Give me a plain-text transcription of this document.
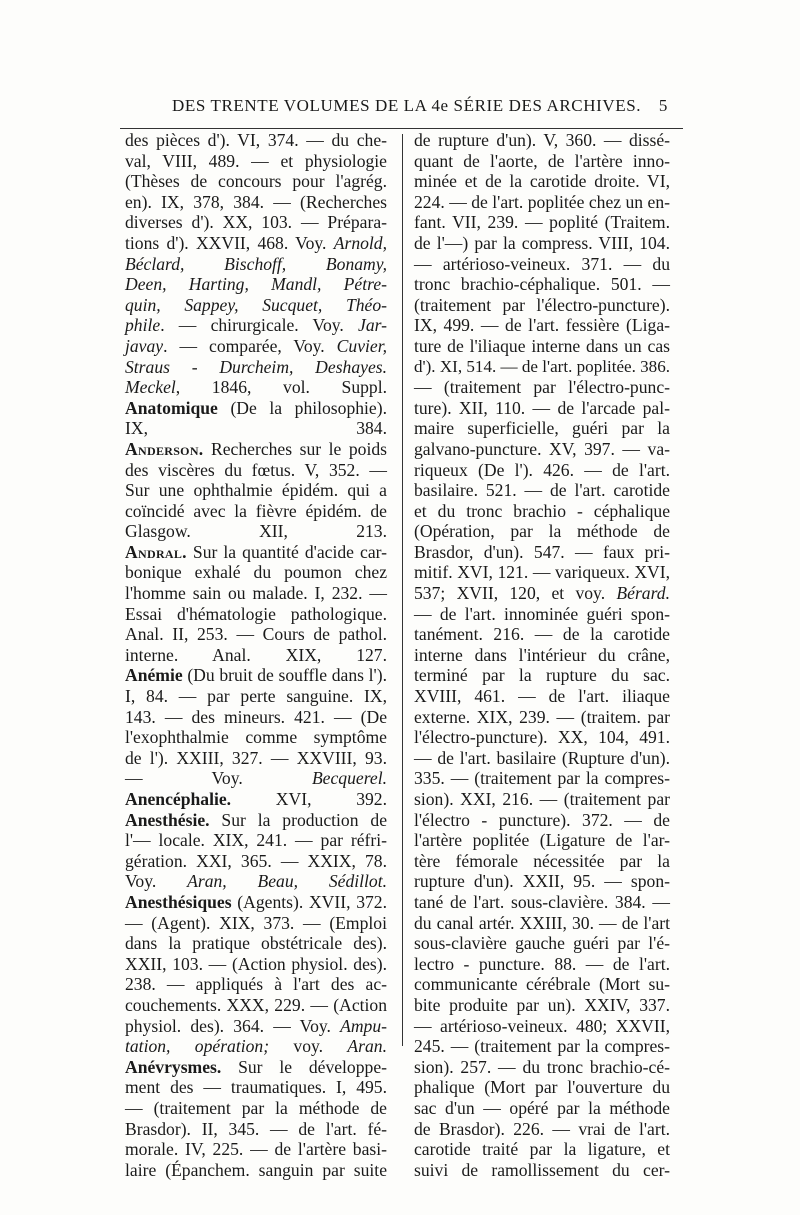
DES TRENTE VOLUMES DE LA 4e SÉRIE DES ARCHIVES. 5
des pièces d'). VI, 374. — du che-
val, VIII, 489. — et physiologie
(Thèses de concours pour l'agrég.
en). IX, 378, 384. — (Recherches
diverses d'). XX, 103. — Prépara-
tions d'). XXVII, 468. Voy. Arnold,
Béclard, Bischoff, Bonamy,
Deen, Harting, Mandl, Pétre-
quin, Sappey, Sucquet, Théo-
phile. — chirurgicale. Voy. Jar-
javay. — comparée, Voy. Cuvier,
Straus - Durcheim, Deshayes.
Meckel, 1846, vol. Suppl.
Anatomique (De la philosophie).
IX, 384.
Anderson. Recherches sur le poids
des viscères du fœtus. V, 352. —
Sur une ophthalmie épidém. qui a
coïncidé avec la fièvre épidém. de
Glasgow. XII, 213.
Andral. Sur la quantité d'acide car-
bonique exhalé du poumon chez
l'homme sain ou malade. I, 232. —
Essai d'hématologie pathologique.
Anal. II, 253. — Cours de pathol.
interne. Anal. XIX, 127.
Anémie (Du bruit de souffle dans l').
I, 84. — par perte sanguine. IX,
143. — des mineurs. 421. — (De
l'exophthalmie comme symptôme
de l'). XXIII, 327. — XXVIII, 93.
— Voy. Becquerel.
Anencéphalie. XVI, 392.
Anesthésie. Sur la production de
l'— locale. XIX, 241. — par réfri-
gération. XXI, 365. — XXIX, 78.
Voy. Aran, Beau, Sédillot.
Anesthésiques (Agents). XVII, 372.
— (Agent). XIX, 373. — (Emploi
dans la pratique obstétricale des).
XXII, 103. — (Action physiol. des).
238. — appliqués à l'art des ac-
couchements. XXX, 229. — (Action
physiol. des). 364. — Voy. Ampu-
tation, opération; voy. Aran.
Anévrysmes. Sur le développe-
ment des — traumatiques. I, 495.
— (traitement par la méthode de
Brasdor). II, 345. — de l'art. fé-
morale. IV, 225. — de l'artère basi-
laire (Épanchem. sanguin par suite
de rupture d'un). V, 360. — dissé-
quant de l'aorte, de l'artère inno-
minée et de la carotide droite. VI,
224. — de l'art. poplitée chez un en-
fant. VII, 239. — poplité (Traitem.
de l'—) par la compress. VIII, 104.
— artérioso-veineux. 371. — du
tronc brachio-céphalique. 501. —
(traitement par l'électro-puncture).
IX, 499. — de l'art. fessière (Liga-
ture de l'iliaque interne dans un cas
d'). XI, 514. — de l'art. poplitée. 386.
— (traitement par l'électro-punc-
ture). XII, 110. — de l'arcade pal-
maire superficielle, guéri par la
galvano-puncture. XV, 397. — va-
riqueux (De l'). 426. — de l'art.
basilaire. 521. — de l'art. carotide
et du tronc brachio - céphalique
(Opération, par la méthode de
Brasdor, d'un). 547. — faux pri-
mitif. XVI, 121. — variqueux. XVI,
537; XVII, 120, et voy. Bérard.
— de l'art. innominée guéri spon-
tanément. 216. — de la carotide
interne dans l'intérieur du crâne,
terminé par la rupture du sac.
XVIII, 461. — de l'art. iliaque
externe. XIX, 239. — (traitem. par
l'électro-puncture). XX, 104, 491.
— de l'art. basilaire (Rupture d'un).
335. — (traitement par la compres-
sion). XXI, 216. — (traitement par
l'électro - puncture). 372. — de
l'artère poplitée (Ligature de l'ar-
tère fémorale nécessitée par la
rupture d'un). XXII, 95. — spon-
tané de l'art. sous-clavière. 384. —
du canal artér. XXIII, 30. — de l'art
sous-clavière gauche guéri par l'é-
lectro - puncture. 88. — de l'art.
communicante cérébrale (Mort su-
bite produite par un). XXIV, 337.
— artérioso-veineux. 480; XXVII,
245. — (traitement par la compres-
sion). 257. — du tronc brachio-cé-
phalique (Mort par l'ouverture du
sac d'un — opéré par la méthode
de Brasdor). 226. — vrai de l'art.
carotide traité par la ligature, et
suivi de ramollissement du cer-
